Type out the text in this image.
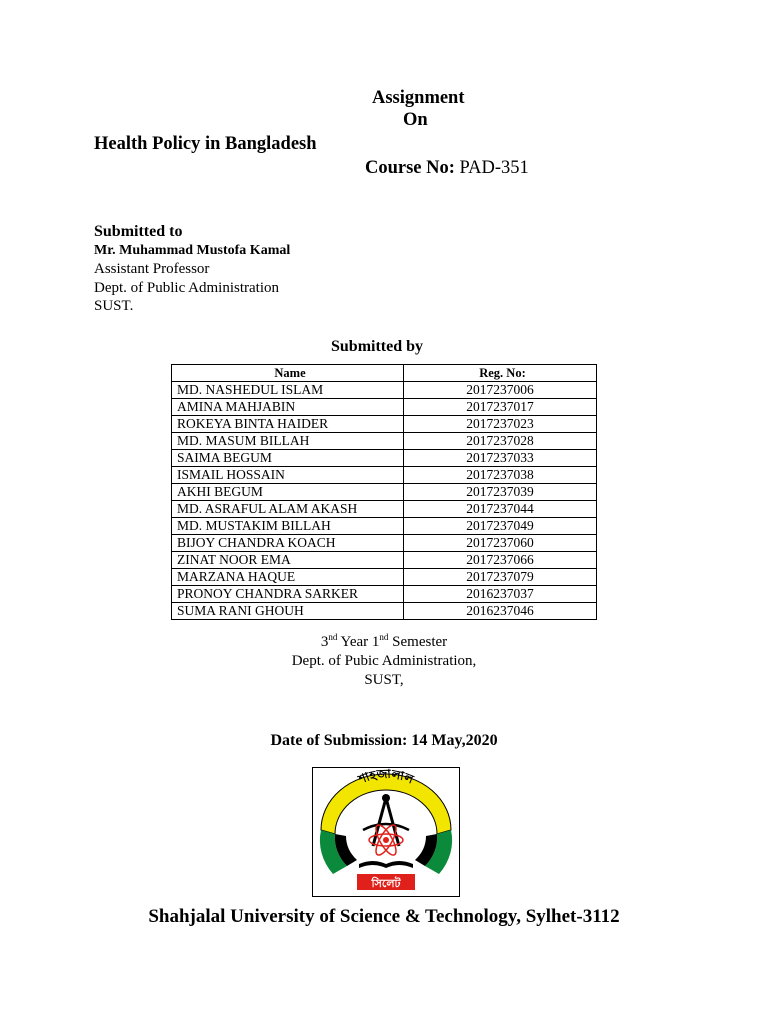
Assignment
On
Health Policy in Bangladesh
Course No: PAD-351
Submitted to
Mr. Muhammad Mustofa Kamal
Assistant Professor
Dept. of Public Administration
SUST.
Submitted by
Name	Reg. No:
MD. NASHEDUL ISLAM	2017237006
AMINA MAHJABIN	2017237017
ROKEYA BINTA HAIDER	2017237023
MD. MASUM BILLAH	2017237028
SAIMA BEGUM	2017237033
ISMAIL HOSSAIN	2017237038
AKHI BEGUM	2017237039
MD. ASRAFUL ALAM AKASH	2017237044
MD. MUSTAKIM BILLAH	2017237049
BIJOY CHANDRA KOACH	2017237060
ZINAT NOOR EMA	2017237066
MARZANA HAQUE	2017237079
PRONOY CHANDRA SARKER	2016237037
SUMA RANI GHOUH	2016237046
3nd Year 1nd Semester
Dept. of Pubic Administration,
SUST,
Date of Submission: 14 May,2020
শাহজালাল
সিলেট
Shahjalal University of Science & Technology, Sylhet-3112
